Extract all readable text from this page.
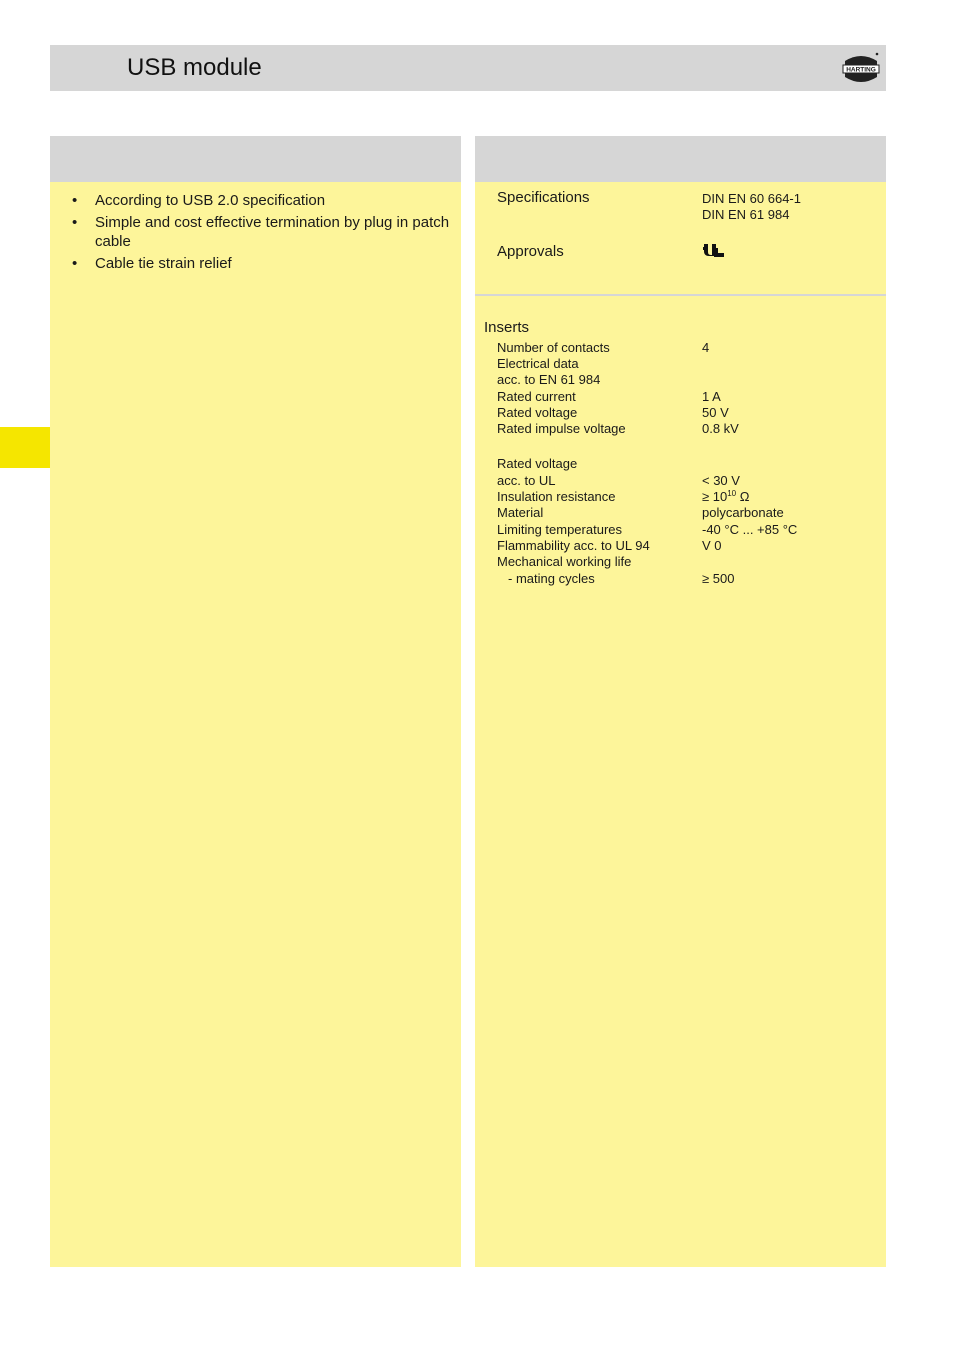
USB module	HARTING
• According to USB 2.0 specification
• Simple and cost effective termination by plug in patch cable
• Cable tie strain relief
Specifications	DIN EN 60 664-1
DIN EN 61 984
Approvals
Inserts
Number of contacts	4
Electrical data
acc. to EN 61 984
Rated current	1 A
Rated voltage	50 V
Rated impulse voltage	0.8 kV
Rated voltage
acc. to UL	< 30 V
Insulation resistance	≥ $10^{10}$ Ω
Material	polycarbonate
Limiting temperatures	-40 °C ... +85 °C
Flammability acc. to UL 94	V 0
Mechanical working life
- mating cycles	≥ 500
